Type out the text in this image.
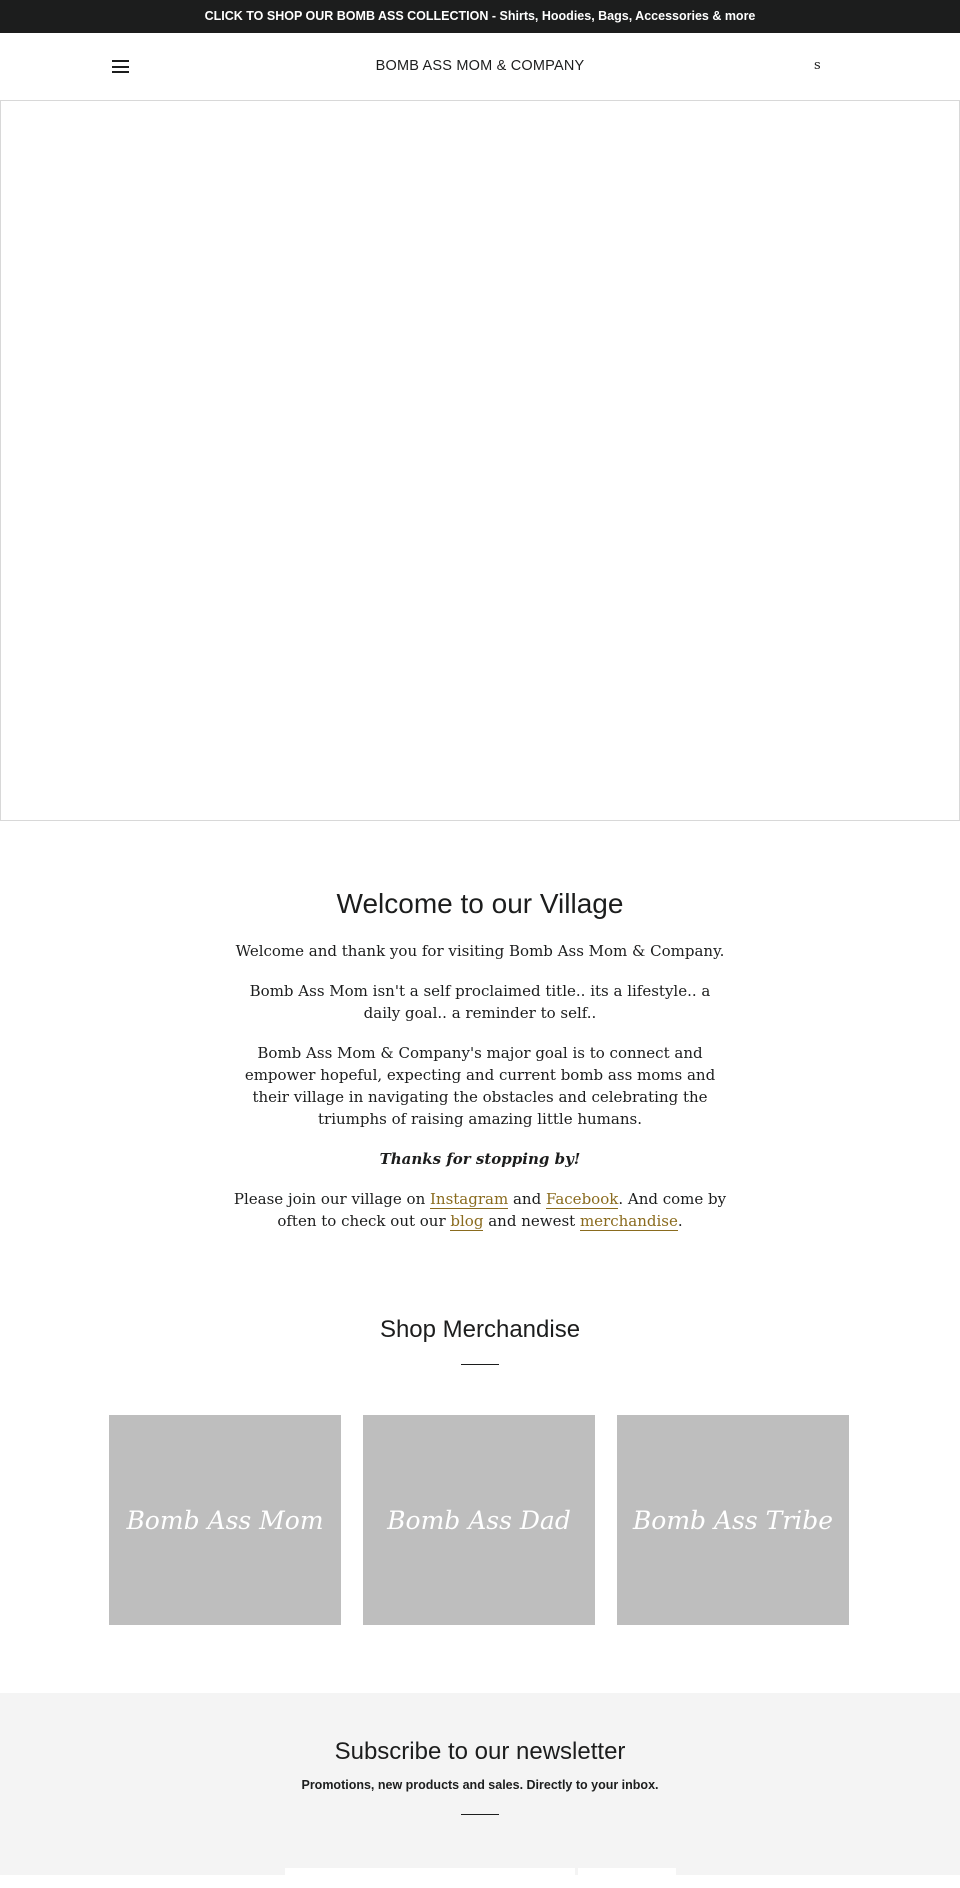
CLICK TO SHOP OUR BOMB ASS COLLECTION - Shirts, Hoodies, Bags, Accessories & more
BOMB ASS MOM & COMPANY	s
Welcome to our Village

Welcome and thank you for visiting Bomb Ass Mom & Company.

Bomb Ass Mom isn't a self proclaimed title.. its a lifestyle.. a daily goal.. a reminder to self..

Bomb Ass Mom & Company's major goal is to connect and empower hopeful, expecting and current bomb ass moms and their village in navigating the obstacles and celebrating the triumphs of raising amazing little humans.

Thanks for stopping by!

Please join our village on Instagram and Facebook. And come by often to check out our blog and newest merchandise.

Shop Merchandise
Bomb Ass Mom	Bomb Ass Dad	Bomb Ass Tribe
Subscribe to our newsletter

Promotions, new products and sales. Directly to your inbox.
